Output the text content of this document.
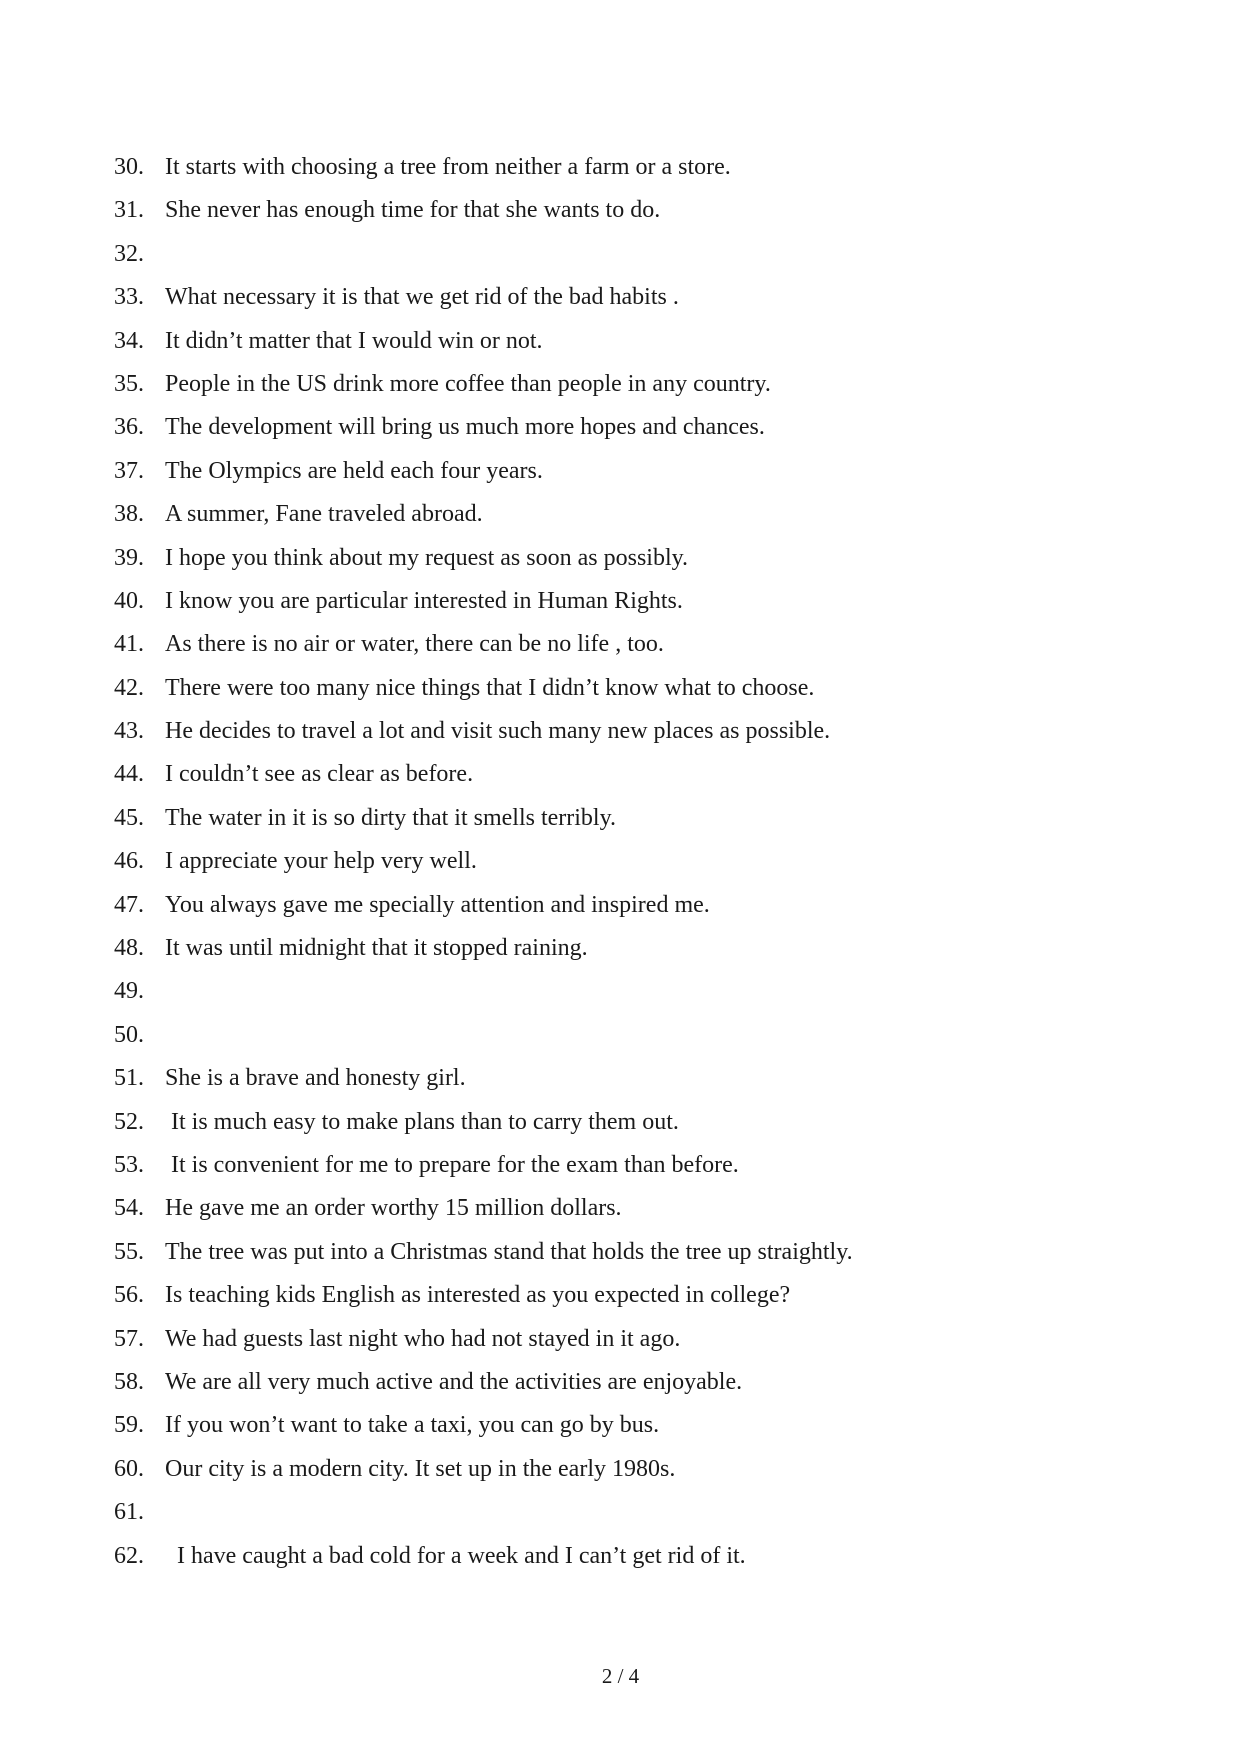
30. It starts with choosing a tree from neither a farm or a store.
31. She never has enough time for that she wants to do.
32.
33. What necessary it is that we get rid of the bad habits .
34. It didn’t matter that I would win or not.
35. People in the US drink more coffee than people in any country.
36. The development will bring us much more hopes and chances.
37. The Olympics are held each four years.
38. A summer, Fane traveled abroad.
39. I hope you think about my request as soon as possibly.
40. I know you are particular interested in Human Rights.
41. As there is no air or water, there can be no life , too.
42. There were too many nice things that I didn’t know what to choose.
43. He decides to travel a lot and visit such many new places as possible.
44. I couldn’t see as clear as before.
45. The water in it is so dirty that it smells terribly.
46. I appreciate your help very well.
47. You always gave me specially attention and inspired me.
48. It was until midnight that it stopped raining.
49.
50.
51. She is a brave and honesty girl.
52. It is much easy to make plans than to carry them out.
53. It is convenient for me to prepare for the exam than before.
54. He gave me an order worthy 15 million dollars.
55. The tree was put into a Christmas stand that holds the tree up straightly.
56. Is teaching kids English as interested as you expected in college?
57. We had guests last night who had not stayed in it ago.
58. We are all very much active and the activities are enjoyable.
59. If you won’t want to take a taxi, you can go by bus.
60. Our city is a modern city. It set up in the early 1980s.
61.
62. I have caught a bad cold for a week and I can’t get rid of it.
2 / 4
